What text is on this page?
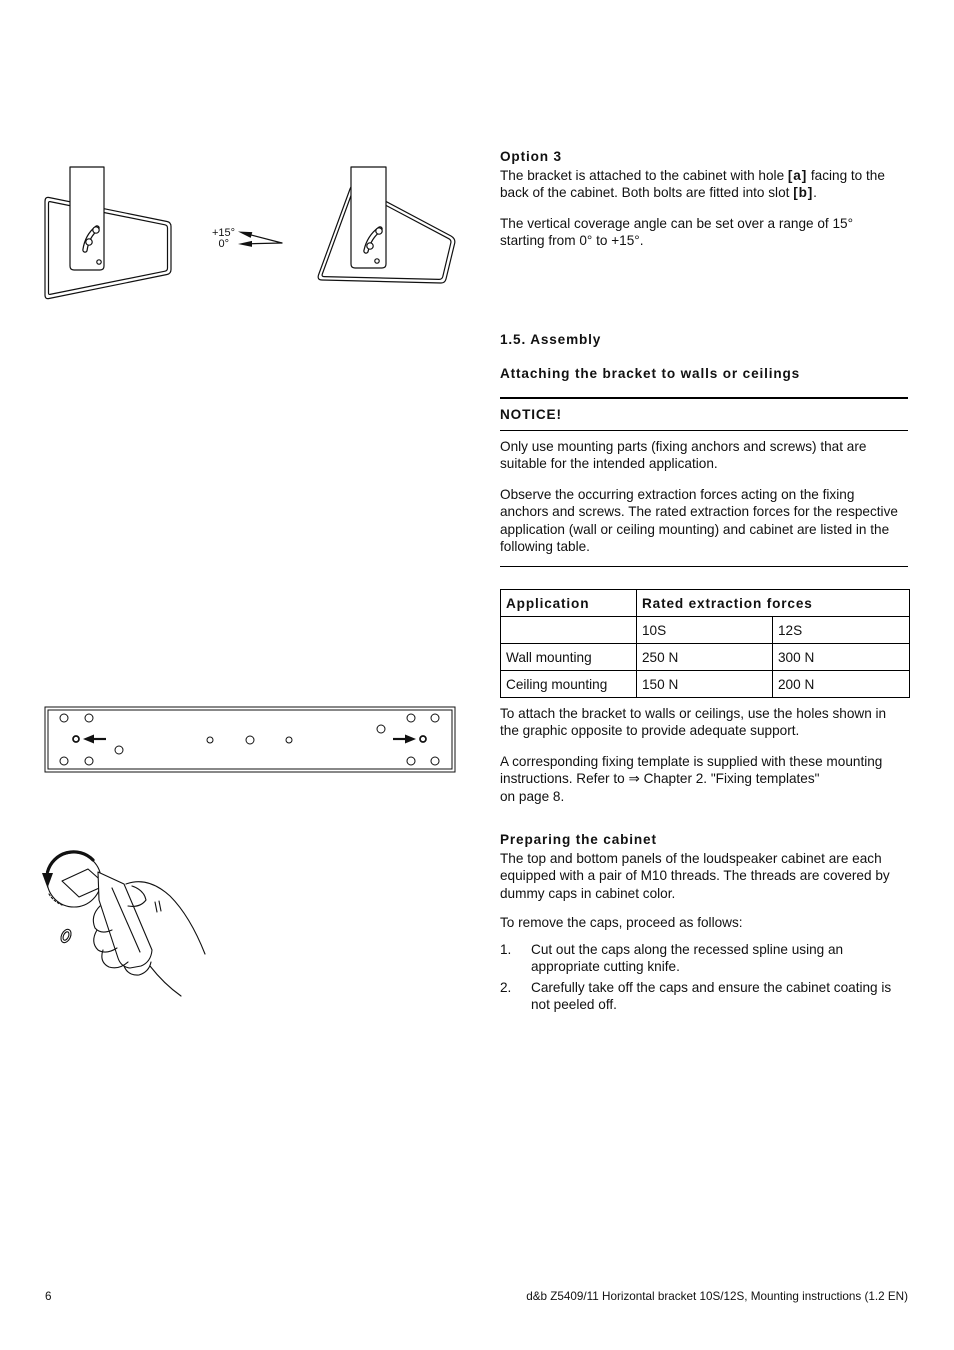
+15°
0°
Option 3
The bracket is attached to the cabinet with hole [a] facing to the
back of the cabinet. Both bolts are fitted into slot [b].
The vertical coverage angle can be set over a range of 15°
starting from 0° to +15°.
1.5. Assembly
Attaching the bracket to walls or ceilings
NOTICE!
Only use mounting parts (fixing anchors and screws) that are
suitable for the intended application.
Observe the occurring extraction forces acting on the fixing
anchors and screws. The rated extraction forces for the respective
application (wall or ceiling mounting) and cabinet are listed in the
following table.
Application	Rated extraction forces	
	10S	12S
Wall mounting	250 N	300 N
Ceiling mounting	150 N	200 N
To attach the bracket to walls or ceilings, use the holes shown in
the graphic opposite to provide adequate support.
A corresponding fixing template is supplied with these mounting
instructions. Refer to ⇒ Chapter 2. "Fixing templates"
on page 8.
Preparing the cabinet
The top and bottom panels of the loudspeaker cabinet are each
equipped with a pair of M10 threads. The threads are covered by
dummy caps in cabinet color.
To remove the caps, proceed as follows:
1. Cut out the caps along the recessed spline using an
appropriate cutting knife.
2. Carefully take off the caps and ensure the cabinet coating is
not peeled off.
6	d&b Z5409/11 Horizontal bracket 10S/12S, Mounting instructions (1.2 EN)
